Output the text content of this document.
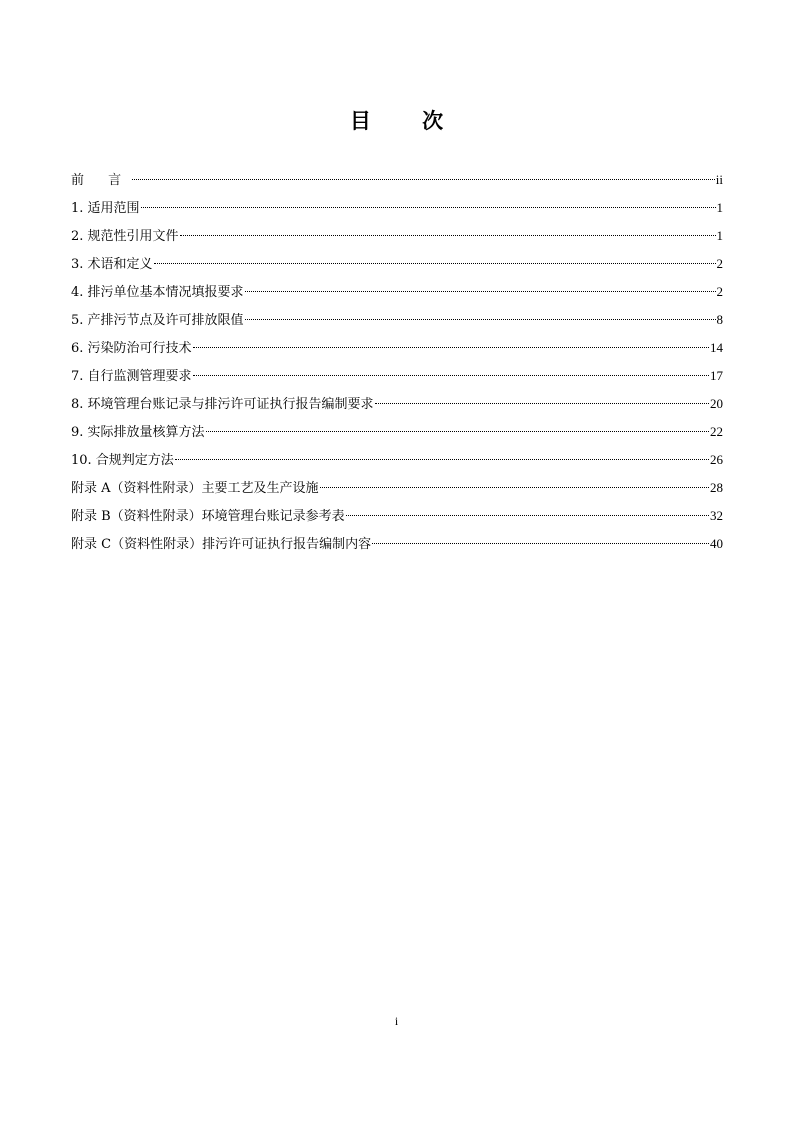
目 次
前 言	ii
1. 适用范围	1
2. 规范性引用文件	1
3. 术语和定义	2
4. 排污单位基本情况填报要求	2
5. 产排污节点及许可排放限值	8
6. 污染防治可行技术	14
7. 自行监测管理要求	17
8. 环境管理台账记录与排污许可证执行报告编制要求	20
9. 实际排放量核算方法	22
10. 合规判定方法	26
附录 A（资料性附录）主要工艺及生产设施	28
附录 B（资料性附录）环境管理台账记录参考表	32
附录 C（资料性附录）排污许可证执行报告编制内容	40
i
